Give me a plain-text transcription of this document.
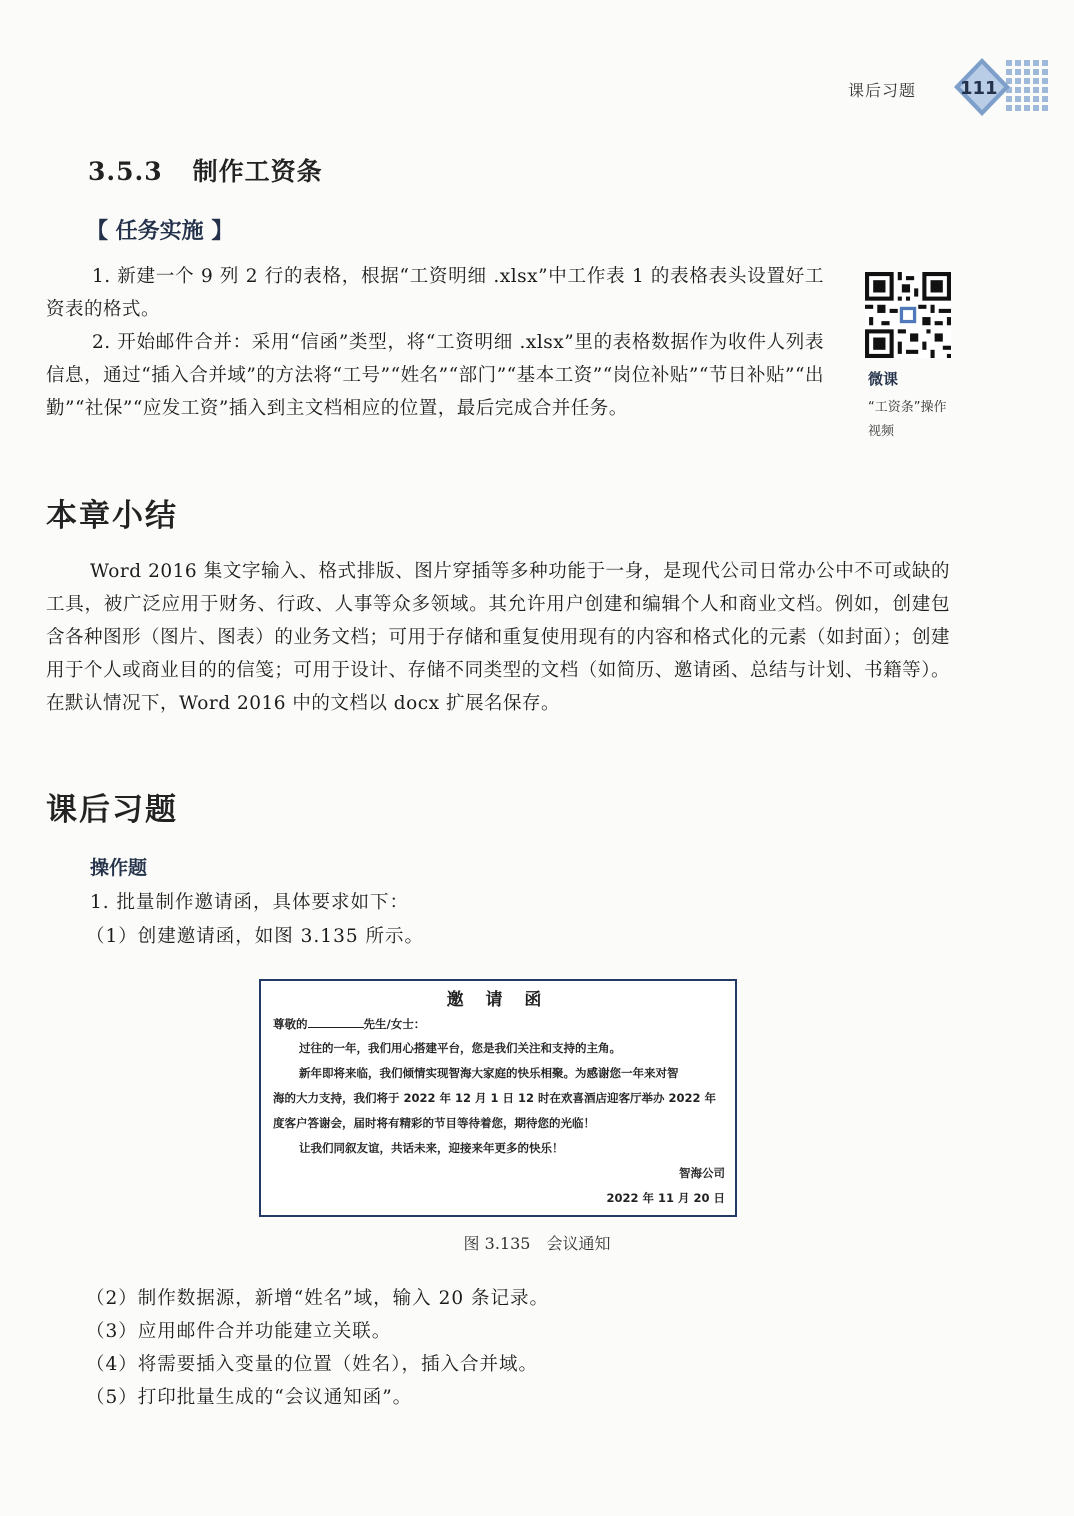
课后习题 111
3.5.3 制作工资条
【 任务实施 】
1. 新建一个 9 列 2 行的表格，根据“工资明细 .xlsx”中工作表 1 的表格表头设置好工资表的格式。
2. 开始邮件合并：采用“信函”类型，将“工资明细 .xlsx”里的表格数据作为收件人列表信息，通过“插入合并域”的方法将“工号”“姓名”“部门”“基本工资”“岗位补贴”“节日补贴”“出勤”“社保”“应发工资”插入到主文档相应的位置，最后完成合并任务。
微课
“工资条”操作视频
本章小结
Word 2016 集文字输入、格式排版、图片穿插等多种功能于一身，是现代公司日常办公中不可或缺的工具，被广泛应用于财务、行政、人事等众多领域。其允许用户创建和编辑个人和商业文档。例如，创建包含各种图形（图片、图表）的业务文档；可用于存储和重复使用现有的内容和格式化的元素（如封面）；创建用于个人或商业目的的信笺；可用于设计、存储不同类型的文档（如简历、邀请函、总结与计划、书籍等）。在默认情况下，Word 2016 中的文档以 docx 扩展名保存。
课后习题
操作题
1. 批量制作邀请函，具体要求如下：
（1）创建邀请函，如图 3.135 所示。
邀 请 函
尊敬的	先生/女士：
过往的一年，我们用心搭建平台，您是我们关注和支持的主角。
新年即将来临，我们倾情实现智海大家庭的快乐相聚。为感谢您一年来对智
海的大力支持，我们将于 2022 年 12 月 1 日 12 时在欢喜酒店迎客厅举办 2022 年
度客户答谢会，届时将有精彩的节目等待着您，期待您的光临！
让我们同叙友谊，共话未来，迎接来年更多的快乐！
智海公司
2022 年 11 月 20 日
图 3.135　会议通知
（2）制作数据源，新增“姓名”域，输入 20 条记录。
（3）应用邮件合并功能建立关联。
（4）将需要插入变量的位置（姓名），插入合并域。
（5）打印批量生成的“会议通知函”。
